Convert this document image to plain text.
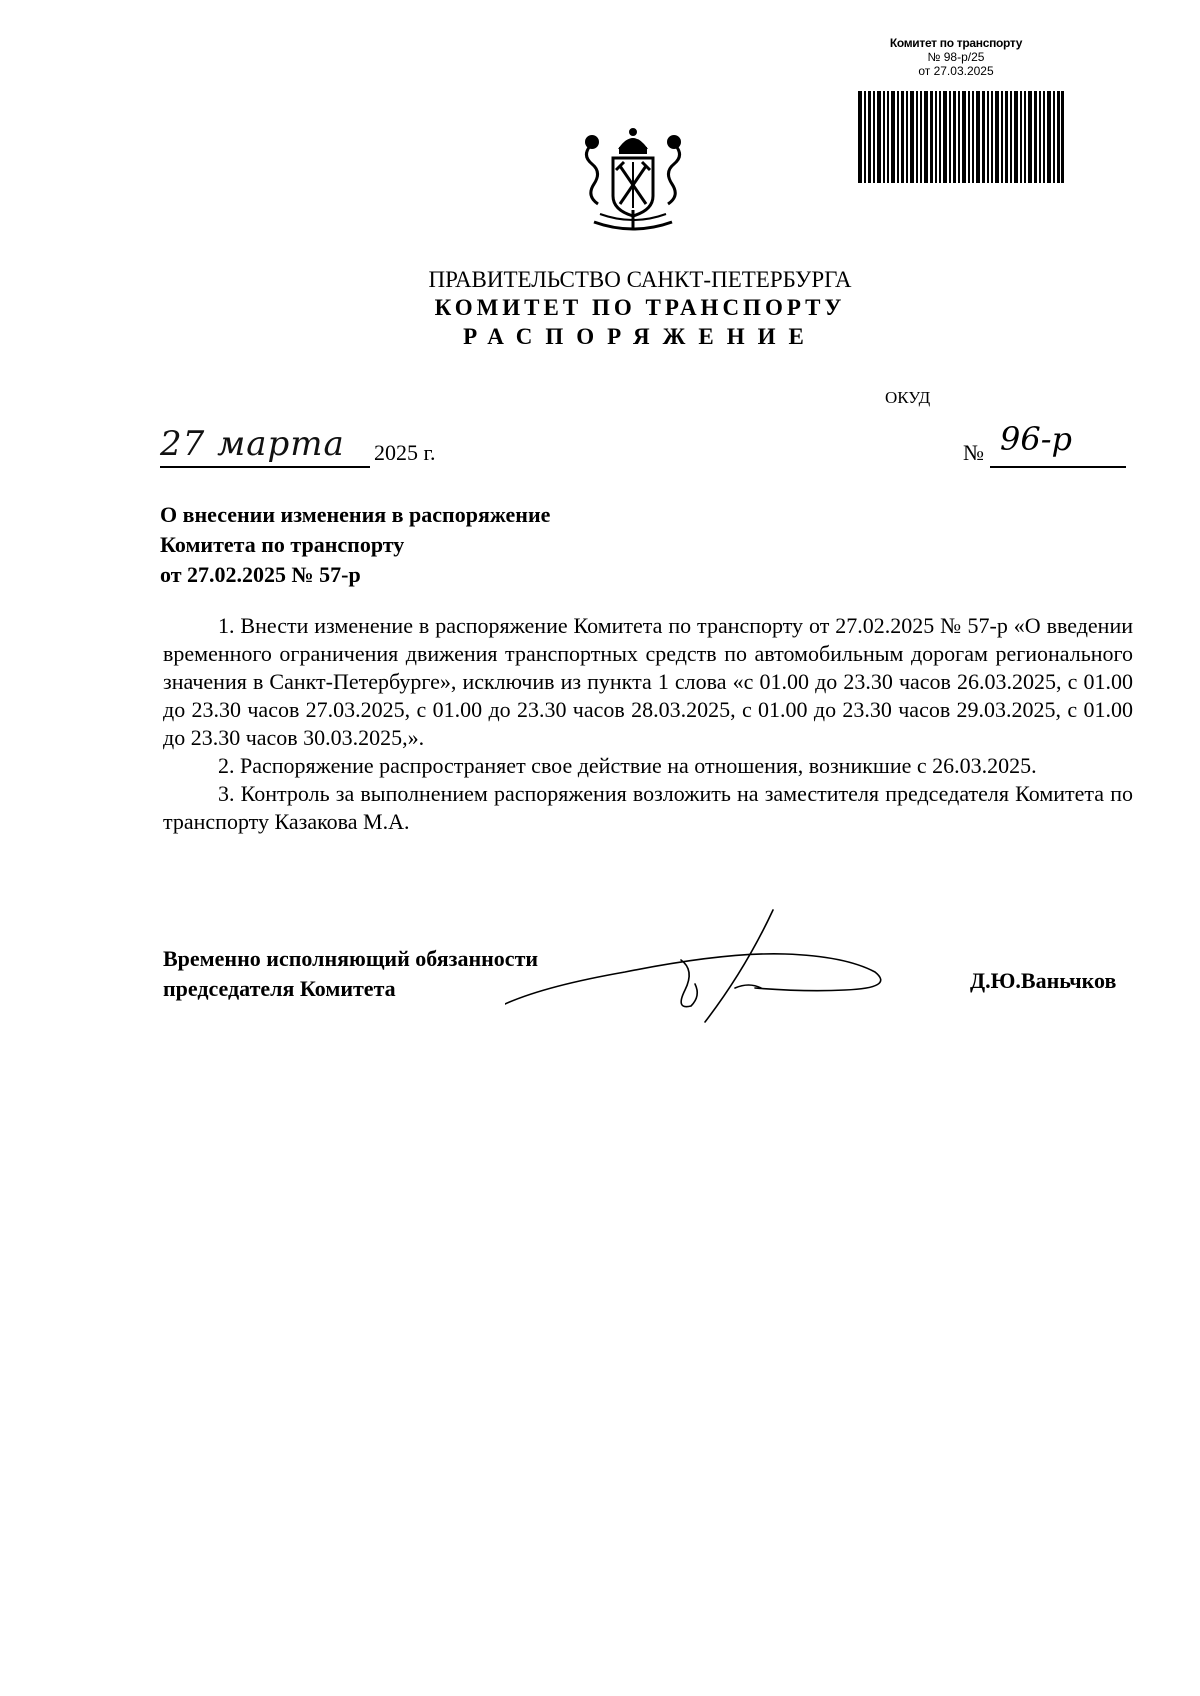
Комитет по транспорту
№ 98-р/25
от 27.03.2025
ПРАВИТЕЛЬСТВО САНКТ-ПЕТЕРБУРГА
КОМИТЕТ ПО ТРАНСПОРТУ
РАСПОРЯЖЕНИЕ
ОКУД
27 марта 2025 г.	№ 96-р
О внесении изменения в распоряжение
Комитета по транспорту
от 27.02.2025 № 57-р

1. Внести изменение в распоряжение Комитета по транспорту от 27.02.2025 № 57-р «О введении временного ограничения движения транспортных средств по автомобильным дорогам регионального значения в Санкт-Петербурге», исключив из пункта 1 слова «с 01.00 до 23.30 часов 26.03.2025, с 01.00 до 23.30 часов 27.03.2025, с 01.00 до 23.30 часов 28.03.2025, с 01.00 до 23.30 часов 29.03.2025, с 01.00 до 23.30 часов 30.03.2025,».

2. Распоряжение распространяет свое действие на отношения, возникшие с 26.03.2025.

3. Контроль за выполнением распоряжения возложить на заместителя председателя Комитета по транспорту Казакова М.А.

Временно исполняющий обязанности
председателя Комитета	Д.Ю.Ваньчков
